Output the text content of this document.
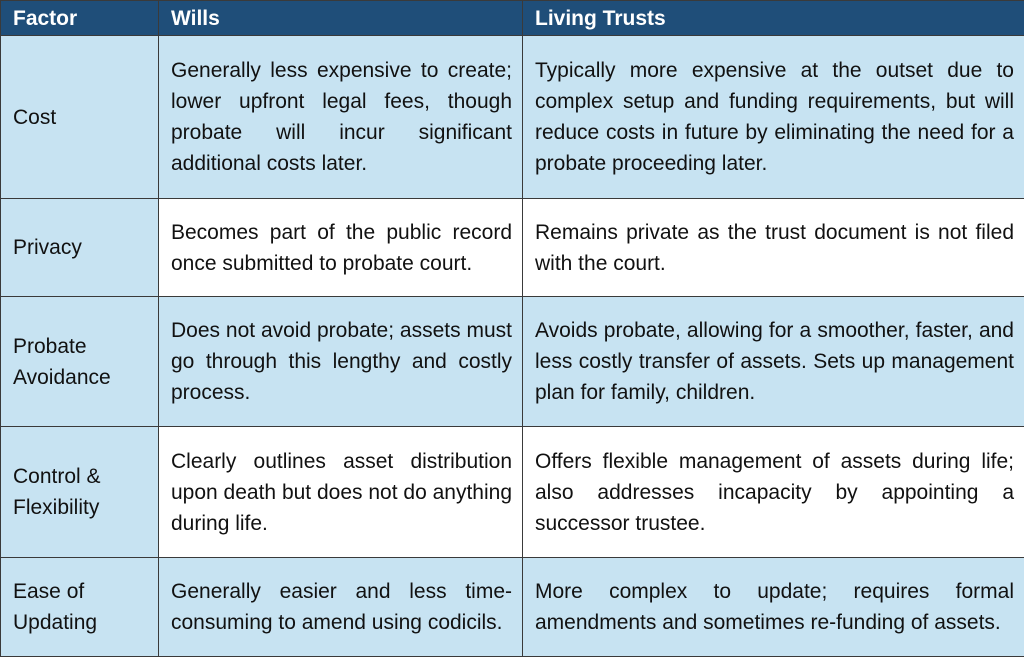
Factor	Wills	Living Trusts
Cost	Generally less expensive to create; lower upfront legal fees, though probate will incur significant additional costs later.	Typically more expensive at the outset due to complex setup and funding requirements, but will reduce costs in future by eliminating the need for a probate proceeding later.
Privacy	Becomes part of the public record once submitted to probate court.	Remains private as the trust document is not filed with the court.
Probate Avoidance	Does not avoid probate; assets must go through this lengthy and costly process.	Avoids probate, allowing for a smoother, faster, and less costly transfer of assets. Sets up management plan for family, children.
Control & Flexibility	Clearly outlines asset distribution upon death but does not do anything during life.	Offers flexible management of assets during life; also addresses incapacity by appointing a successor trustee.
Ease of Updating	Generally easier and less time-consuming to amend using codicils.	More complex to update; requires formal amendments and sometimes re-funding of assets.
